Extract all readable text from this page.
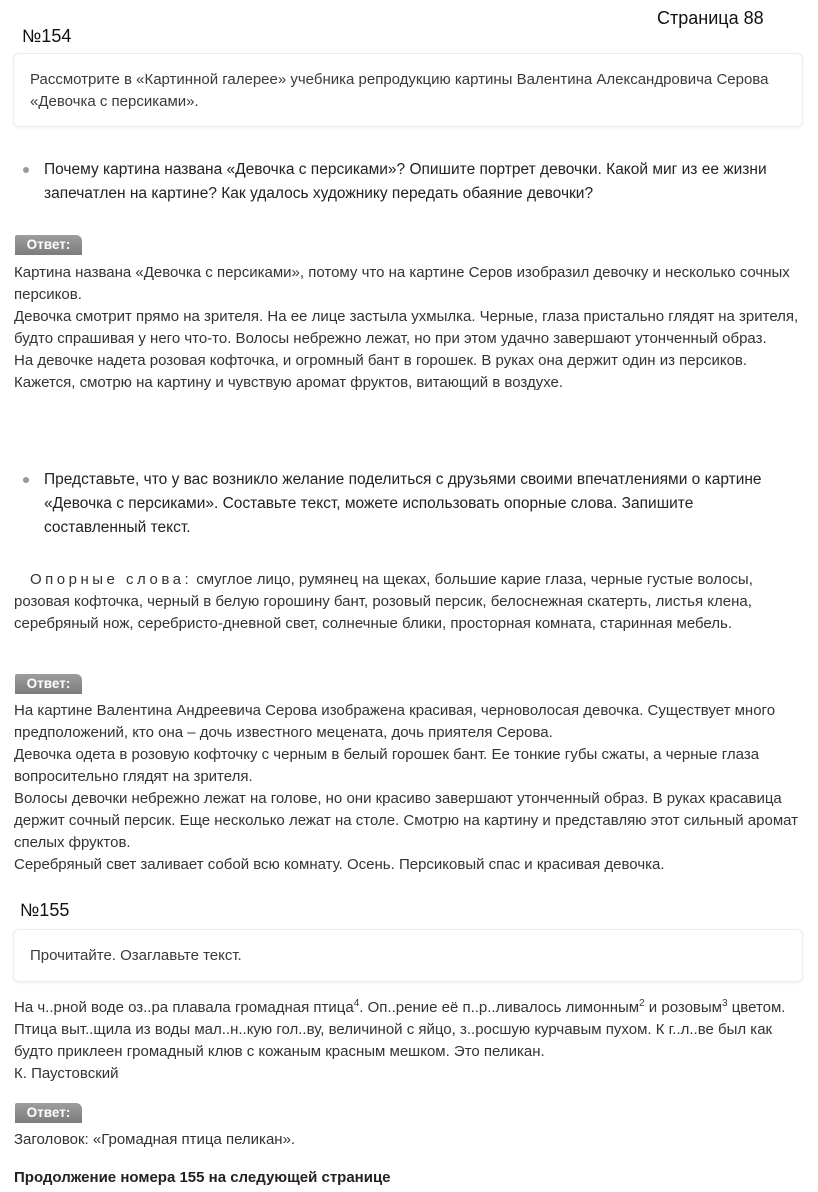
Страница 88
№154
Рассмотрите в «Картинной галерее» учебника репродукцию картины Валентина Александровича Серова «Девочка с персиками».
Почему картина названа «Девочка с персиками»? Опишите портрет девочки. Какой миг из ее жизни запечатлен на картине? Как удалось художнику передать обаяние девочки?
Ответ:

Картина названа «Девочка с персиками», потому что на картине Серов изобразил девочку и несколько сочных персиков.

Девочка смотрит прямо на зрителя. На ее лице застыла ухмылка. Черные, глаза пристально глядят на зрителя, будто спрашивая у него что-то. Волосы небрежно лежат, но при этом удачно завершают утонченный образ.

На девочке надета розовая кофточка, и огромный бант в горошек. В руках она держит один из персиков.

Кажется, смотрю на картину и чувствую аромат фруктов, витающий в воздухе.

Представьте, что у вас возникло желание поделиться с друзьями своими впечатлениями о картине «Девочка с персиками». Составьте текст, можете использовать опорные слова. Запишите составленный текст.

Опорные слова: смуглое лицо, румянец на щеках, большие карие глаза, черные густые волосы, розовая кофточка, черный в белую горошину бант, розовый персик, белоснежная скатерть, листья клена, серебряный нож, серебристо-дневной свет, солнечные блики, просторная комната, старинная мебель.

Ответ:

На картине Валентина Андреевича Серова изображена красивая, черноволосая девочка. Существует много предположений, кто она – дочь известного мецената, дочь приятеля Серова.

Девочка одета в розовую кофточку с черным в белый горошек бант. Ее тонкие губы сжаты, а черные глаза вопросительно глядят на зрителя.

Волосы девочки небрежно лежат на голове, но они красиво завершают утонченный образ. В руках красавица держит сочный персик. Еще несколько лежат на столе. Смотрю на картину и представляю этот сильный аромат спелых фруктов.

Серебряный свет заливает собой всю комнату. Осень. Персиковый спас и красивая девочка.

№155
Прочитайте. Озаглавьте текст.

На ч..рной воде оз..ра плавала громадная птица$^4$. Оп..рение её п..р..ливалось лимонным$^2$ и розовым$^3$ цветом. Птица выт..щила из воды мал..н..кую гол..ву, величиной с яйцо, з..росшую курчавым пухом. К г..л..ве был как будто приклеен громадный клюв с кожаным красным мешком. Это пеликан.

К. Паустовский

Ответ:

Заголовок: «Громадная птица пеликан».

Продолжение номера 155 на следующей странице
